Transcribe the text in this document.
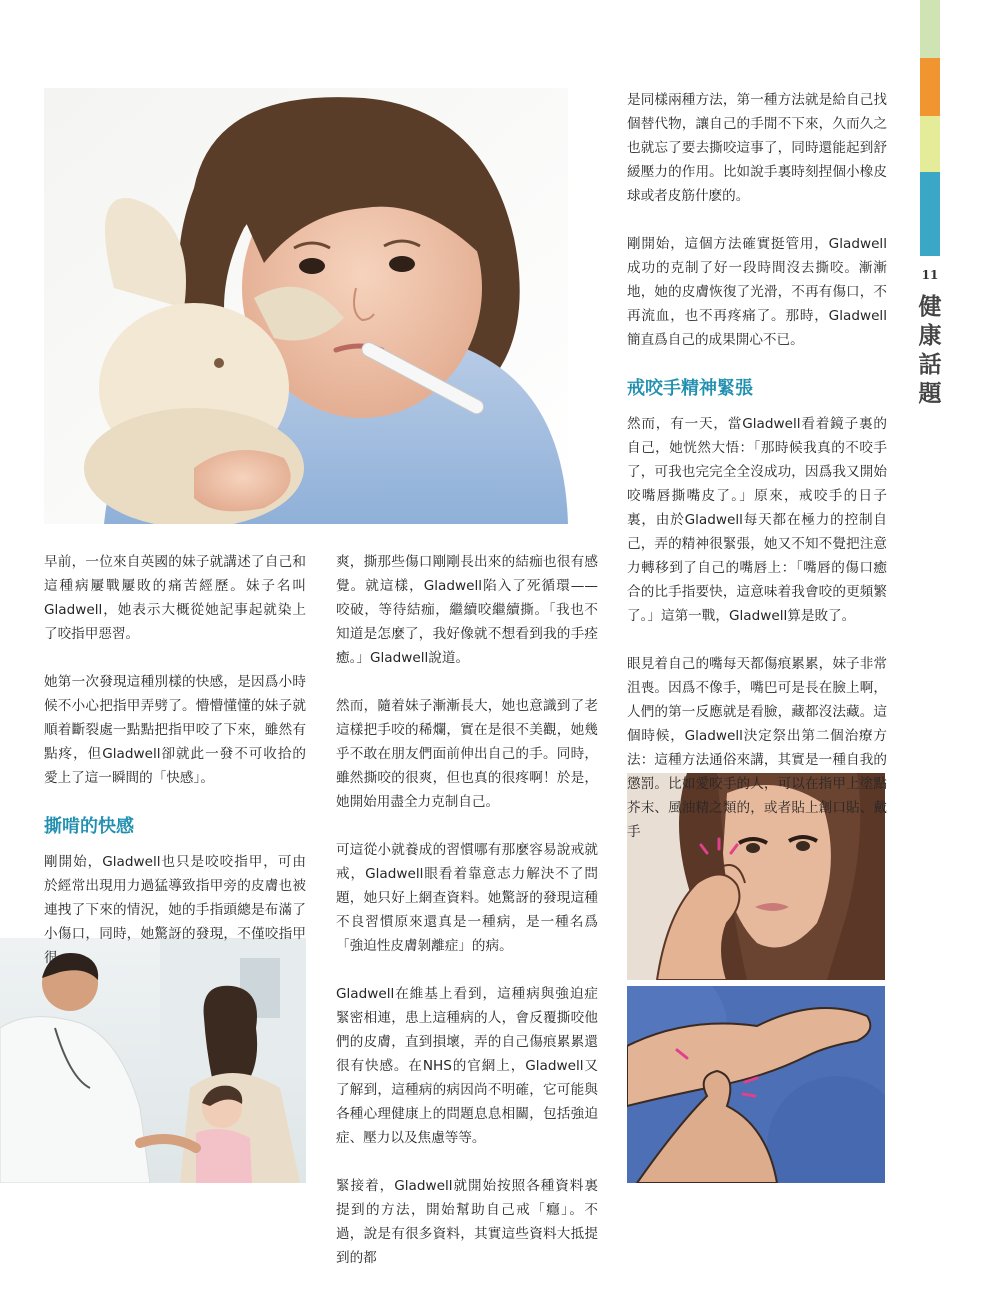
早前，一位來自英國的妹子就講述了自己和這種病屢戰屢敗的痛苦經歷。妹子名叫Gladwell，她表示大概從她記事起就染上了咬指甲惡習。

她第一次發現這種別樣的快感，是因爲小時候不小心把指甲弄劈了。懵懵懂懂的妹子就順着斷裂處一點點把指甲咬了下來，雖然有點疼，但Gladwell卻就此一發不可收拾的愛上了這一瞬間的「快感」。

撕啃的快感

剛開始，Gladwell也只是咬咬指甲，可由於經常出現用力過猛導致指甲旁的皮膚也被連拽了下來的情況，她的手指頭總是布滿了小傷口，同時，她驚訝的發現，不僅咬指甲很

爽，撕那些傷口剛剛長出來的結痂也很有感覺。就這樣，Gladwell陷入了死循環——咬破，等待結痂，繼續咬繼續撕。「我也不知道是怎麼了，我好像就不想看到我的手痊癒。」Gladwell說道。

然而，隨着妹子漸漸長大，她也意識到了老這樣把手咬的稀爛，實在是很不美觀，她幾乎不敢在朋友們面前伸出自己的手。同時，雖然撕咬的很爽，但也真的很疼啊！於是，她開始用盡全力克制自己。

可這從小就養成的習慣哪有那麼容易說戒就戒，Gladwell眼看着靠意志力解決不了問題，她只好上網查資料。她驚訝的發現這種不良習慣原來還真是一種病，是一種名爲「強迫性皮膚剝離症」的病。

Gladwell在維基上看到，這種病與強迫症緊密相連，患上這種病的人，會反覆撕咬他們的皮膚，直到損壞，弄的自己傷痕累累還很有快感。在NHS的官網上，Gladwell又了解到，這種病的病因尚不明確，它可能與各種心理健康上的問題息息相關，包括強迫症、壓力以及焦慮等等。

緊接着，Gladwell就開始按照各種資料裏提到的方法，開始幫助自己戒「癮」。不過，說是有很多資料，其實這些資料大抵提到的都

是同樣兩種方法，第一種方法就是給自己找個替代物，讓自己的手閒不下來，久而久之也就忘了要去撕咬這事了，同時還能起到舒緩壓力的作用。比如說手裏時刻捏個小橡皮球或者皮筋什麽的。

剛開始，這個方法確實挺管用，Gladwell成功的克制了好一段時間沒去撕咬。漸漸地，她的皮膚恢復了光滑，不再有傷口，不再流血，也不再疼痛了。那時，Gladwell簡直爲自己的成果開心不已。

戒咬手精神緊張

然而，有一天，當Gladwell看着鏡子裏的自己，她恍然大悟：「那時候我真的不咬手了，可我也完完全全沒成功，因爲我又開始咬嘴唇撕嘴皮了。」原來，戒咬手的日子裏，由於Gladwell每天都在極力的控制自己，弄的精神很緊張，她又不知不覺把注意力轉移到了自己的嘴唇上：「嘴唇的傷口癒合的比手指要快，這意味着我會咬的更頻繁了。」這第一戰，Gladwell算是敗了。

眼見着自己的嘴每天都傷痕累累，妹子非常沮喪。因爲不像手，嘴巴可是長在臉上啊，人們的第一反應就是看臉，藏都沒法藏。這個時候，Gladwell決定祭出第二個治療方法：這種方法通俗來講，其實是一種自我的懲罰。比如愛咬手的人，可以在指甲上塗點芥末、風油精之類的，或者貼上創口貼、戴手

11
健
康
話
題
